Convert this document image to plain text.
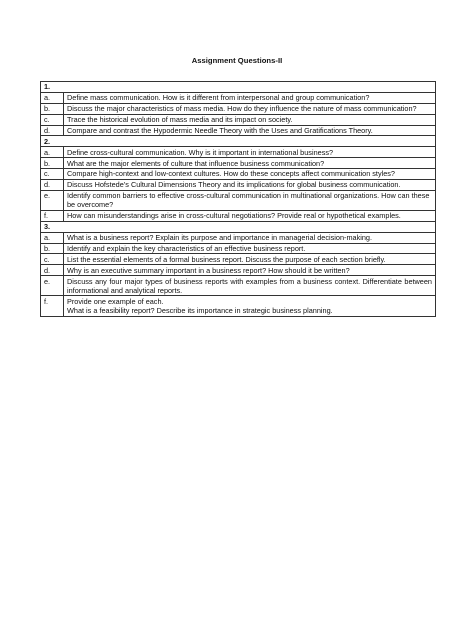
Assignment Questions-II
1.	
a.	Define mass communication. How is it different from interpersonal and group communication?
b.	Discuss the major characteristics of mass media. How do they influence the nature of mass communication?
c.	Trace the historical evolution of mass media and its impact on society.
d.	Compare and contrast the Hypodermic Needle Theory with the Uses and Gratifications Theory.
2.	
a.	Define cross-cultural communication. Why is it important in international business?
b.	What are the major elements of culture that influence business communication?
c.	Compare high-context and low-context cultures. How do these concepts affect communication styles?
d.	Discuss Hofstede’s Cultural Dimensions Theory and its implications for global business communication.
e.	Identify common barriers to effective cross-cultural communication in multinational organizations. How can these be overcome?
f.	How can misunderstandings arise in cross-cultural negotiations? Provide real or hypothetical examples.
3.	
a.	What is a business report? Explain its purpose and importance in managerial decision-making.
b.	Identify and explain the key characteristics of an effective business report.
c.	List the essential elements of a formal business report. Discuss the purpose of each section briefly.
d.	Why is an executive summary important in a business report? How should it be written?
e.	Discuss any four major types of business reports with examples from a business context. Differentiate between informational and analytical reports.
f.	Provide one example of each.
What is a feasibility report? Describe its importance in strategic business planning.
